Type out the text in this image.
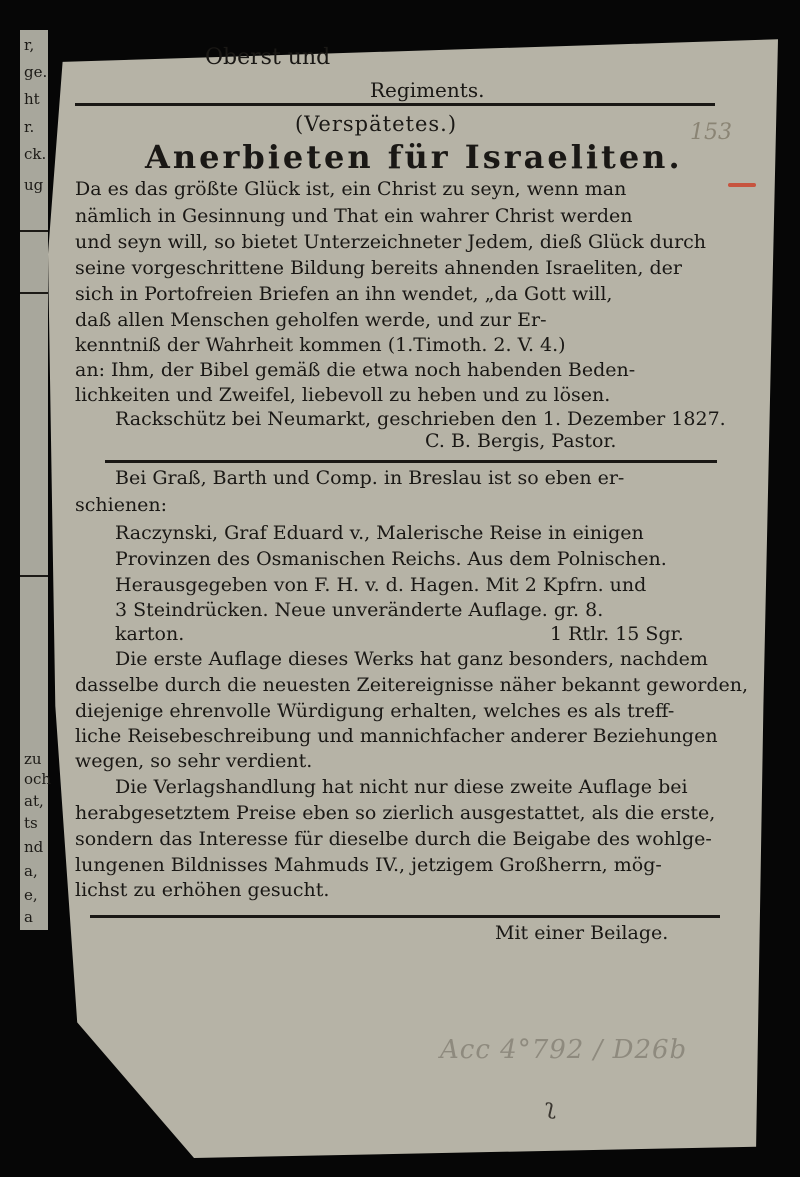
r,
ge.
ht
r.
ck.
ug
zu
och
at,
ts
nd
a,
e,
a
Oberst und
Regiments.
(Verspätetes.)	153
Anerbieten für Israeliten.
Da es das größte Glück ist, ein Christ zu seyn, wenn man
nämlich in Gesinnung und That ein wahrer Christ werden
und seyn will, so bietet Unterzeichneter Jedem, dieß Glück durch
seine vorgeschrittene Bildung bereits ahnenden Israeliten, der
sich in Portofreien Briefen an ihn wendet, „da Gott will,
daß allen Menschen geholfen werde, und zur Er-
kenntniß der Wahrheit kommen (1.Timoth. 2. V. 4.)
an: Ihm, der Bibel gemäß die etwa noch habenden Beden-
lichkeiten und Zweifel, liebevoll zu heben und zu lösen.
Rackschütz bei Neumarkt, geschrieben den 1. Dezember 1827.
C. B. Bergis, Pastor.
Bei Graß, Barth und Comp. in Breslau ist so eben er-
schienen:
Raczynski, Graf Eduard v., Malerische Reise in einigen
Provinzen des Osmanischen Reichs. Aus dem Polnischen.
Herausgegeben von F. H. v. d. Hagen. Mit 2 Kpfrn. und
3 Steindrücken. Neue unveränderte Auflage. gr. 8.
karton.	1 Rtlr. 15 Sgr.
Die erste Auflage dieses Werks hat ganz besonders, nachdem
dasselbe durch die neuesten Zeitereignisse näher bekannt geworden,
diejenige ehrenvolle Würdigung erhalten, welches es als treff-
liche Reisebeschreibung und mannichfacher anderer Beziehungen
wegen, so sehr verdient.
Die Verlagshandlung hat nicht nur diese zweite Auflage bei
herabgesetztem Preise eben so zierlich ausgestattet, als die erste,
sondern das Interesse für dieselbe durch die Beigabe des wohlge-
lungenen Bildnisses Mahmuds IV., jetzigem Großherrn, mög-
lichst zu erhöhen gesucht.
Mit einer Beilage.
Acc 4°792 / D26b
ʅ
